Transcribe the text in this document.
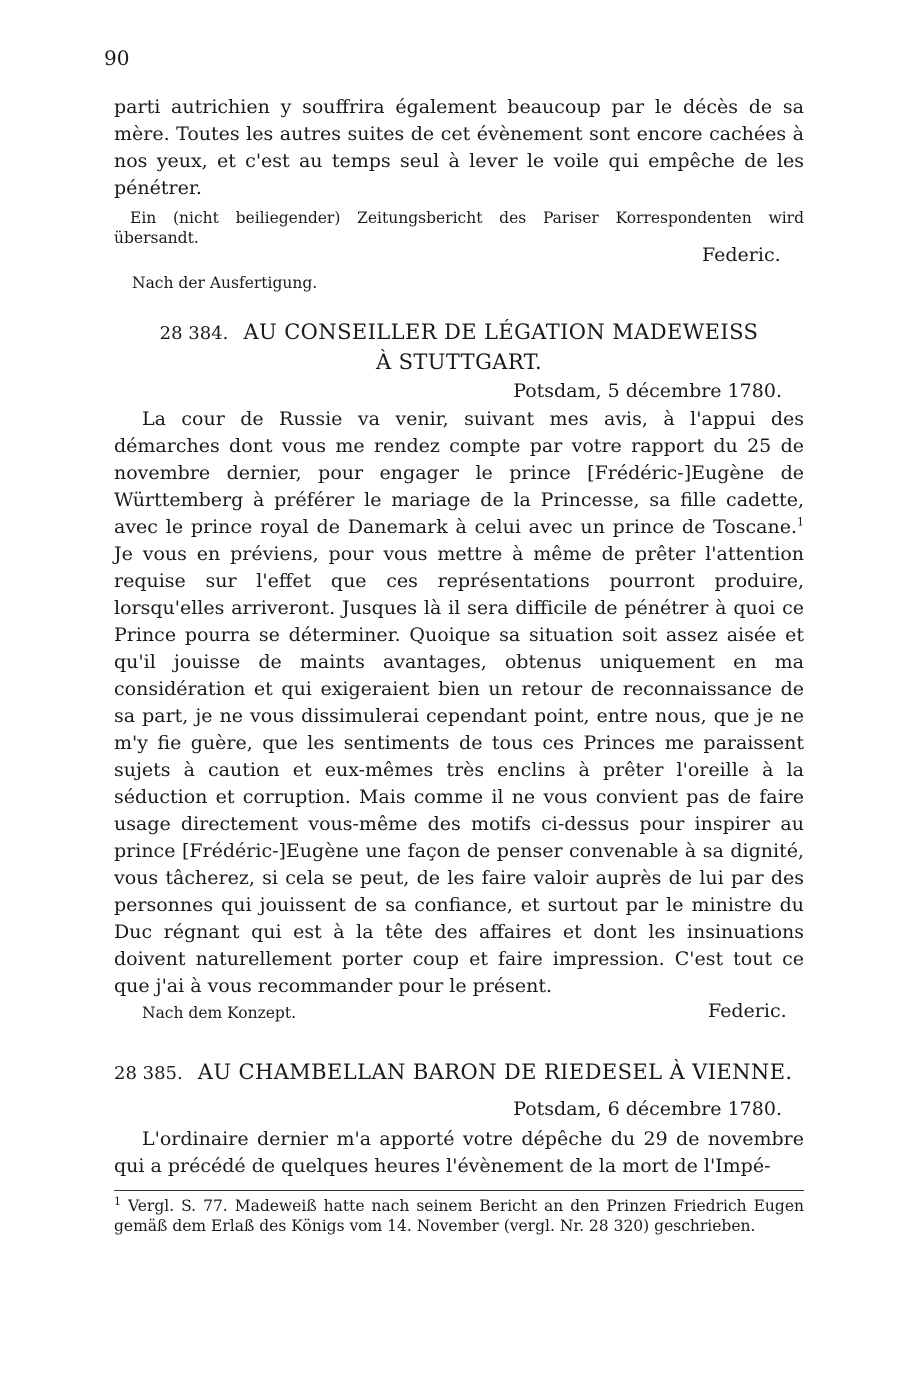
90

parti autrichien y souffrira également beaucoup par le décès de sa mère. Toutes les autres suites de cet évènement sont encore cachées à nos yeux, et c'est au temps seul à lever le voile qui empêche de les pénétrer.

Ein (nicht beiliegender) Zeitungsbericht des Pariser Korrespondenten wird übersandt.

Federic.
Nach der Ausfertigung.
28 384. AU CONSEILLER DE LÉGATION MADEWEISS
À STUTTGART.
Potsdam, 5 décembre 1780.

La cour de Russie va venir, suivant mes avis, à l'appui des démarches dont vous me rendez compte par votre rapport du 25 de novembre dernier, pour engager le prince [Frédéric-]Eugène de Württemberg à préférer le mariage de la Princesse, sa fille cadette, avec le prince royal de Danemark à celui avec un prince de Toscane.$^1$ Je vous en préviens, pour vous mettre à même de prêter l'attention requise sur l'effet que ces représentations pourront produire, lorsqu'elles arriveront. Jusques là il sera difficile de pénétrer à quoi ce Prince pourra se déterminer. Quoique sa situation soit assez aisée et qu'il jouisse de maints avantages, obtenus uniquement en ma considération et qui exigeraient bien un retour de reconnaissance de sa part, je ne vous dissimulerai cependant point, entre nous, que je ne m'y fie guère, que les sentiments de tous ces Princes me paraissent sujets à caution et eux-mêmes très enclins à prêter l'oreille à la séduction et corruption. Mais comme il ne vous convient pas de faire usage directement vous-même des motifs ci-dessus pour inspirer au prince [Frédéric-]Eugène une façon de penser convenable à sa dignité, vous tâcherez, si cela se peut, de les faire valoir auprès de lui par des personnes qui jouissent de sa confiance, et surtout par le ministre du Duc régnant qui est à la tête des affaires et dont les insinuations doivent naturellement porter coup et faire impression. C'est tout ce que j'ai à vous recommander pour le présent.

Nach dem Konzept.	Federic.
28 385. AU CHAMBELLAN BARON DE RIEDESEL À VIENNE.
Potsdam, 6 décembre 1780.

L'ordinaire dernier m'a apporté votre dépêche du 29 de novembre qui a précédé de quelques heures l'évènement de la mort de l'Impé-

$^1$ Vergl. S. 77. Madeweiß hatte nach seinem Bericht an den Prinzen Friedrich Eugen gemäß dem Erlaß des Königs vom 14. November (vergl. Nr. 28 320) geschrieben.
